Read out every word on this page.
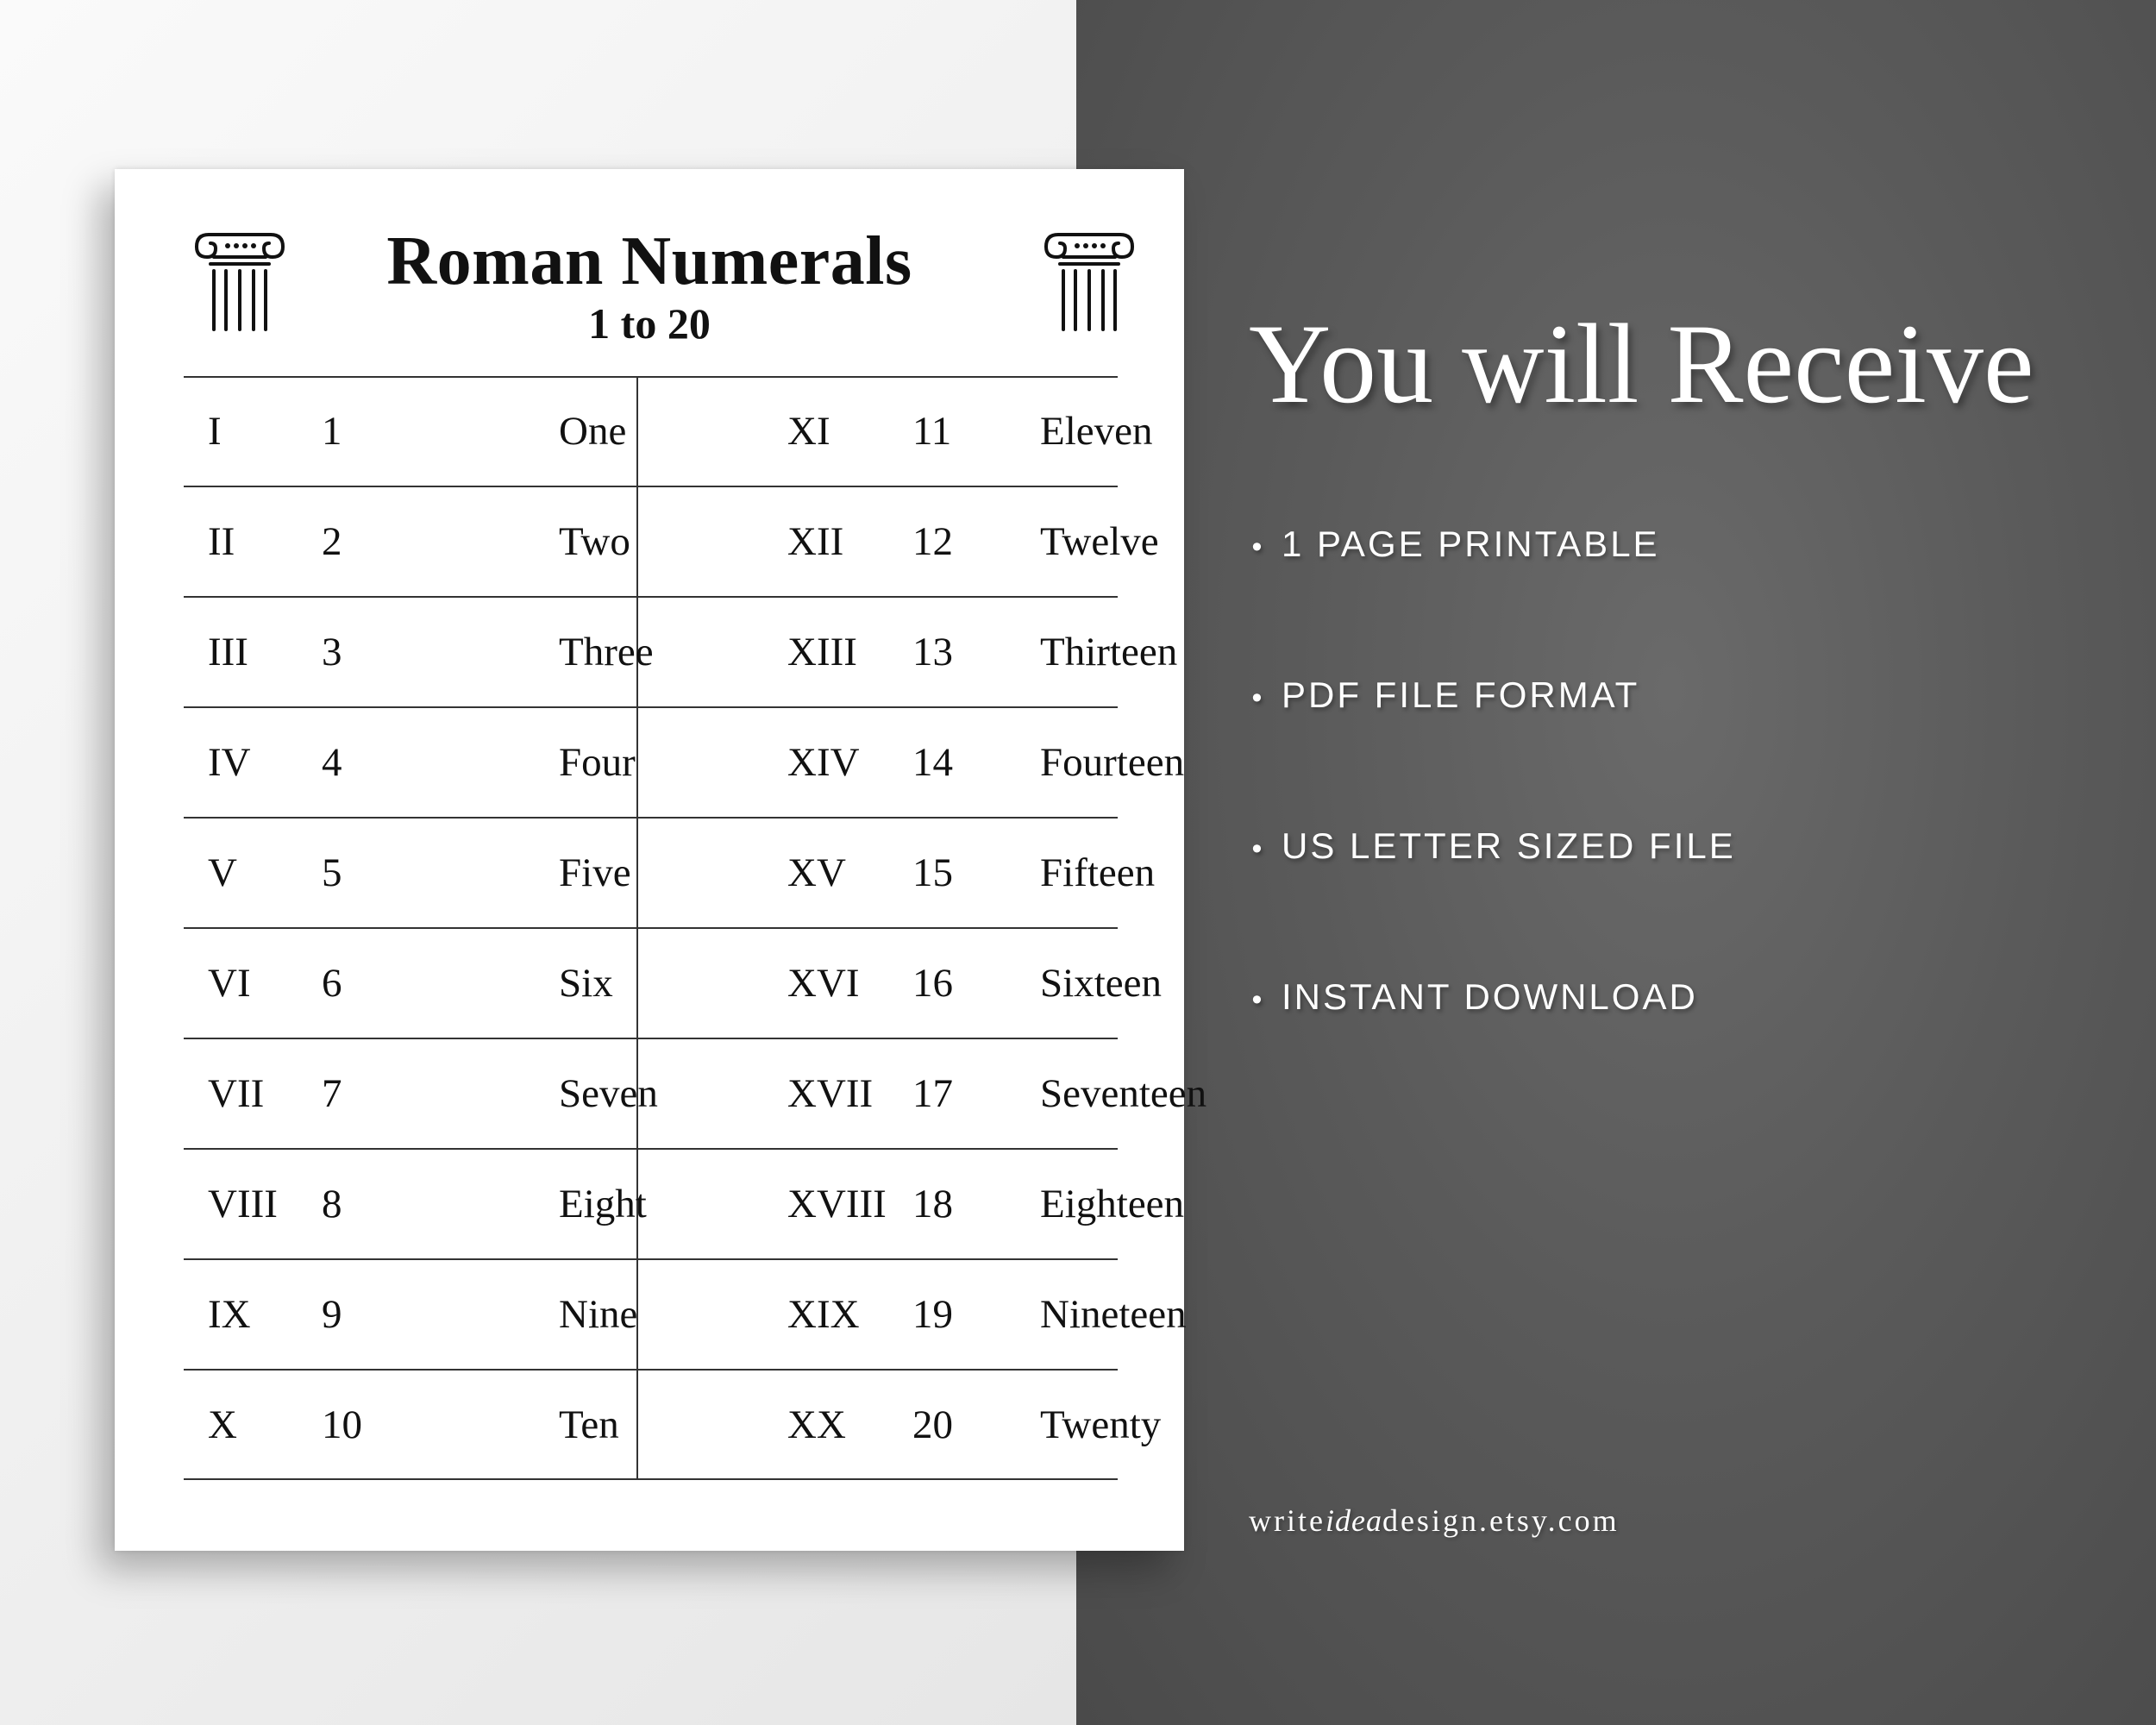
Roman Numerals
1 to 20
I 1	One	XI 11 Eleven
II 2	Two	XII 12 Twelve
III 3	Three	XIII 13 Thirteen
IV 4	Four	XIV 14 Fourteen
V 5	Five	XV 15 Fifteen
VI 6	Six	XVI 16 Sixteen
VII 7	Seven	XVII 17 Seventeen
VIII 8	Eight	XVIII 18 Eighteen
IX 9	Nine	XIX 19 Nineteen
X 10	Ten	XX 20 Twenty
You will Receive
• 1 PAGE PRINTABLE
• PDF FILE FORMAT
• US LETTER SIZED FILE
• INSTANT DOWNLOAD
writeideadesign.etsy.com
